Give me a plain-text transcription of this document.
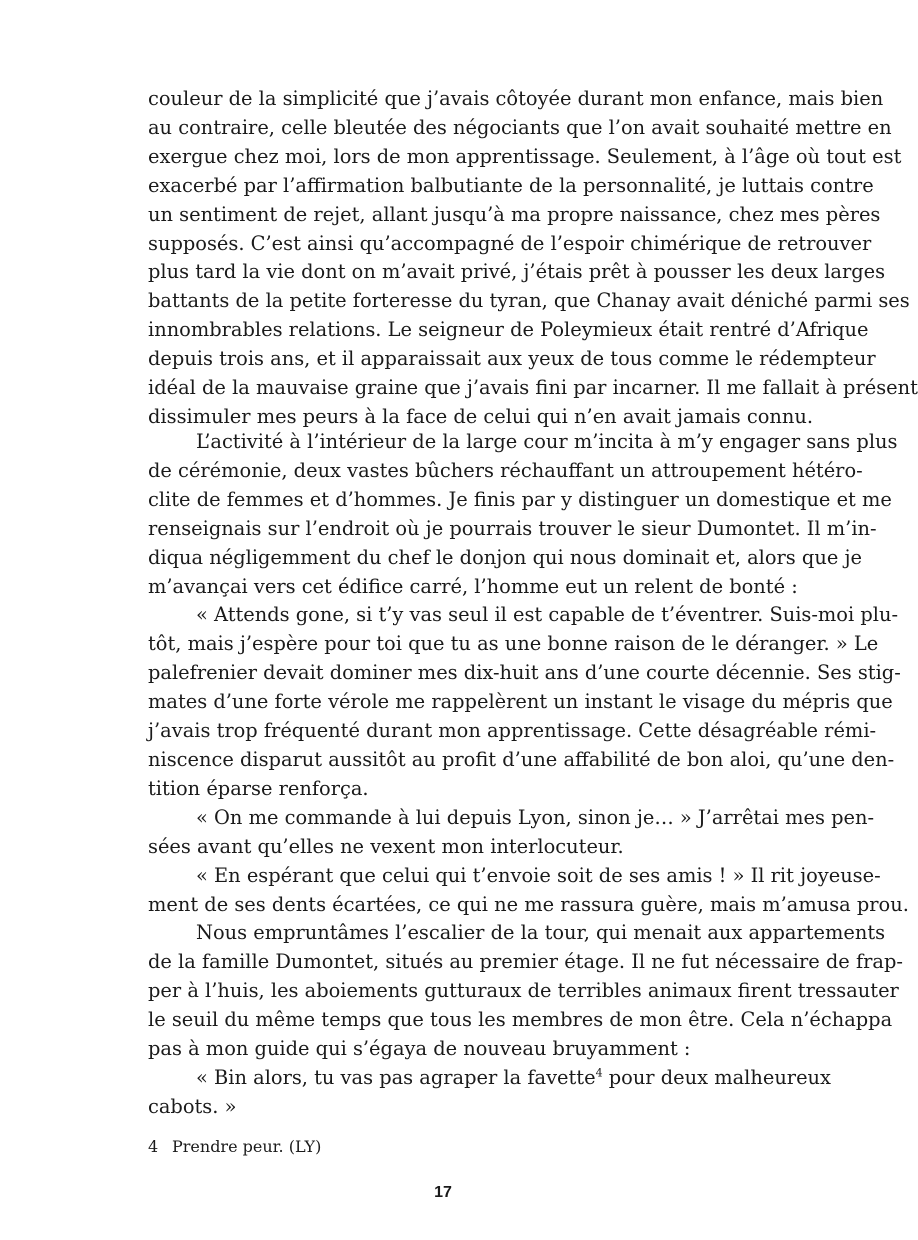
couleur de la simplicité que j’avais côtoyée durant mon enfance, mais bien
au contraire, celle bleutée des négociants que l’on avait souhaité mettre en
exergue chez moi, lors de mon apprentissage. Seulement, à l’âge où tout est
exacerbé par l’affirmation balbutiante de la personnalité, je luttais contre
un sentiment de rejet, allant jusqu’à ma propre naissance, chez mes pères
supposés. C’est ainsi qu’accompagné de l’espoir chimérique de retrouver
plus tard la vie dont on m’avait privé, j’étais prêt à pousser les deux larges
battants de la petite forteresse du tyran, que Chanay avait déniché parmi ses
innombrables relations. Le seigneur de Poleymieux était rentré d’Afrique
depuis trois ans, et il apparaissait aux yeux de tous comme le rédempteur
idéal de la mauvaise graine que j’avais fini par incarner. Il me fallait à présent
dissimuler mes peurs à la face de celui qui n’en avait jamais connu.
L’activité à l’intérieur de la large cour m’incita à m’y engager sans plus
de cérémonie, deux vastes bûchers réchauffant un attroupement hétéro-
clite de femmes et d’hommes. Je finis par y distinguer un domestique et me
renseignais sur l’endroit où je pourrais trouver le sieur Dumontet. Il m’in-
diqua négligemment du chef le donjon qui nous dominait et, alors que je
m’avançai vers cet édifice carré, l’homme eut un relent de bonté :
« Attends gone, si t’y vas seul il est capable de t’éventrer. Suis-moi plu-
tôt, mais j’espère pour toi que tu as une bonne raison de le déranger. » Le
palefrenier devait dominer mes dix-huit ans d’une courte décennie. Ses stig-
mates d’une forte vérole me rappelèrent un instant le visage du mépris que
j’avais trop fréquenté durant mon apprentissage. Cette désagréable rémi-
niscence disparut aussitôt au profit d’une affabilité de bon aloi, qu’une den-
tition éparse renforça.
« On me commande à lui depuis Lyon, sinon je… » J’arrêtai mes pen-
sées avant qu’elles ne vexent mon interlocuteur.
« En espérant que celui qui t’envoie soit de ses amis ! » Il rit joyeuse-
ment de ses dents écartées, ce qui ne me rassura guère, mais m’amusa prou.
Nous empruntâmes l’escalier de la tour, qui menait aux appartements
de la famille Dumontet, situés au premier étage. Il ne fut nécessaire de frap-
per à l’huis, les aboiements gutturaux de terribles animaux firent tressauter
le seuil du même temps que tous les membres de mon être. Cela n’échappa
pas à mon guide qui s’égaya de nouveau bruyamment :
« Bin alors, tu vas pas agraper la favette$^4$ pour deux malheureux
cabots. »
4 Prendre peur. (LY)
17
